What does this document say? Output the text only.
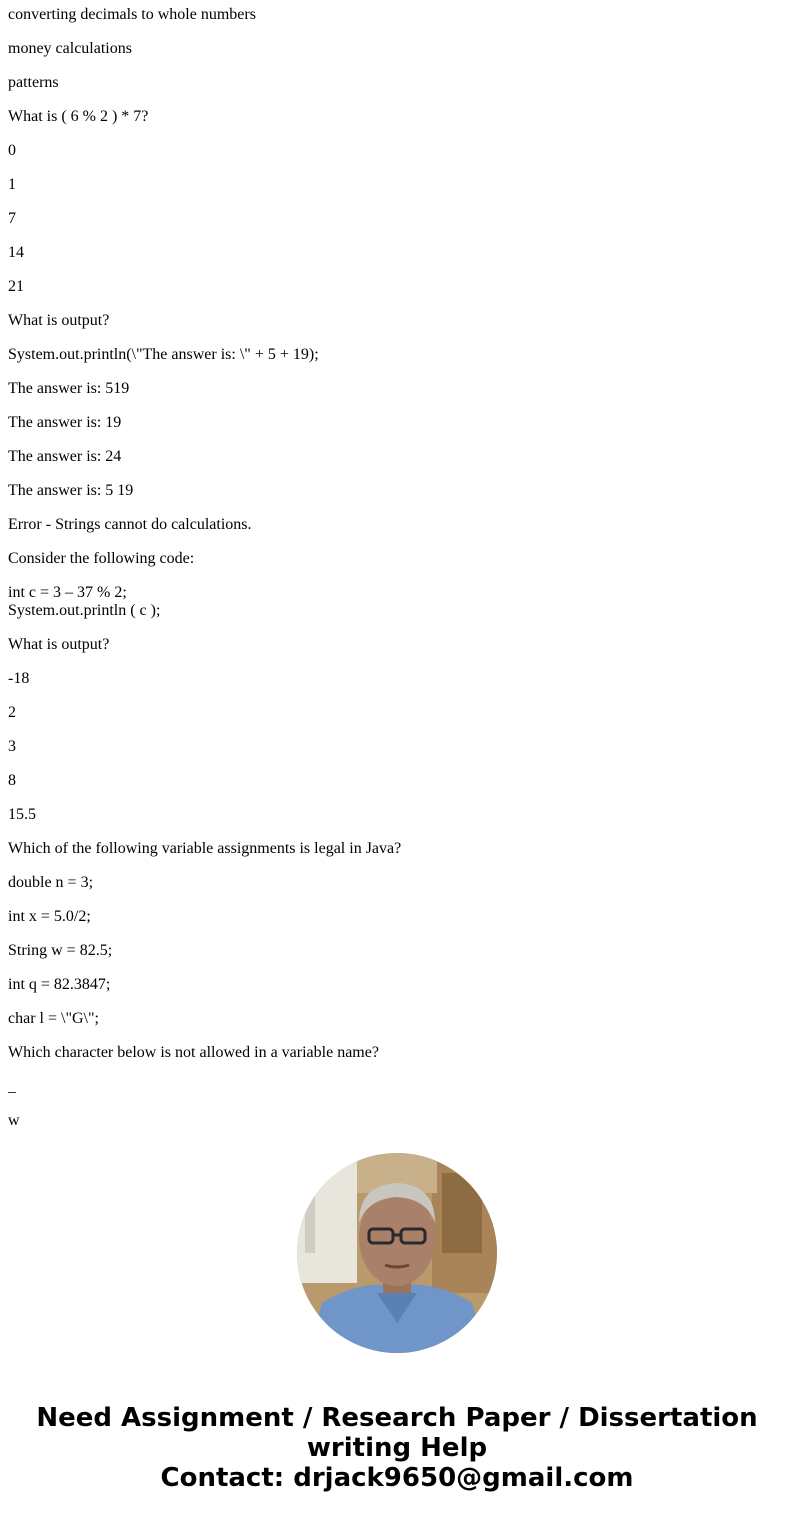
converting decimals to whole numbers

money calculations

patterns

What is ( 6 % 2 ) * 7?

0

1

7

14

21

What is output?

System.out.println(\"The answer is: \" + 5 + 19);

The answer is: 519

The answer is: 19

The answer is: 24

The answer is: 5 19

Error - Strings cannot do calculations.

Consider the following code:

int c = 3 – 37 % 2;
System.out.println ( c );

What is output?

-18

2

3

8

15.5

Which of the following variable assignments is legal in Java?

double n = 3;

int x = 5.0/2;

String w = 82.5;

int q = 82.3847;

char l = \"G\";

Which character below is not allowed in a variable name?

_

w

Need Assignment / Research Paper / Dissertation
writing Help
Contact: drjack9650@gmail.com
